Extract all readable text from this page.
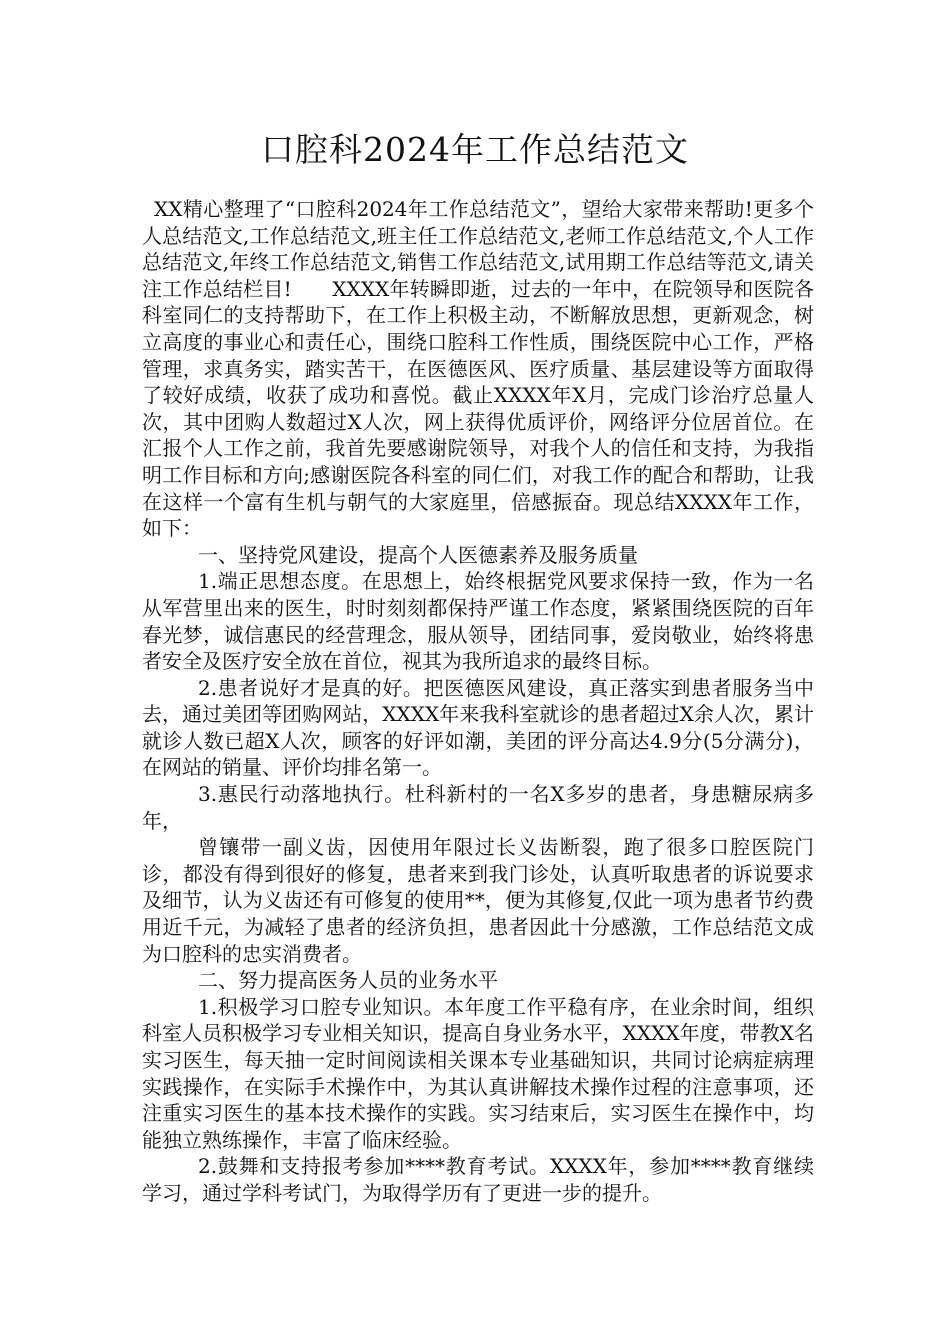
口腔科2024年工作总结范文

XX精心整理了“口腔科2024年工作总结范文”，望给大家带来帮助!更多个人总结范文,工作总结范文,班主任工作总结范文,老师工作总结范文,个人工作总结范文,年终工作总结范文,销售工作总结范文,试用期工作总结等范文,请关注工作总结栏目!　　XXXX年转瞬即逝，过去的一年中，在院领导和医院各科室同仁的支持帮助下，在工作上积极主动，不断解放思想，更新观念，树立高度的事业心和责任心，围绕口腔科工作性质，围绕医院中心工作，严格管理，求真务实，踏实苦干，在医德医风、医疗质量、基层建设等方面取得了较好成绩，收获了成功和喜悦。截止XXXX年X月，完成门诊治疗总量人次，其中团购人数超过X人次，网上获得优质评价，网络评分位居首位。在汇报个人工作之前，我首先要感谢院领导，对我个人的信任和支持，为我指明工作目标和方向;感谢医院各科室的同仁们，对我工作的配合和帮助，让我在这样一个富有生机与朝气的大家庭里，倍感振奋。现总结XXXX年工作，如下：

一、坚持党风建设，提高个人医德素养及服务质量

1.端正思想态度。在思想上，始终根据党风要求保持一致，作为一名从军营里出来的医生，时时刻刻都保持严谨工作态度，紧紧围绕医院的百年春光梦，诚信惠民的经营理念，服从领导，团结同事，爱岗敬业，始终将患者安全及医疗安全放在首位，视其为我所追求的最终目标。

2.患者说好才是真的好。把医德医风建设，真正落实到患者服务当中去，通过美团等团购网站，XXXX年来我科室就诊的患者超过X余人次，累计就诊人数已超X人次，顾客的好评如潮，美团的评分高达4.9分(5分满分)，在网站的销量、评价均排名第一。

3.惠民行动落地执行。杜科新村的一名X多岁的患者，身患糖尿病多年，

曾镶带一副义齿，因使用年限过长义齿断裂，跑了很多口腔医院门诊，都没有得到很好的修复，患者来到我门诊处，认真听取患者的诉说要求及细节，认为义齿还有可修复的使用**，便为其修复,仅此一项为患者节约费用近千元，为减轻了患者的经济负担，患者因此十分感激，工作总结范文成为口腔科的忠实消费者。

二、努力提高医务人员的业务水平

1.积极学习口腔专业知识。本年度工作平稳有序，在业余时间，组织科室人员积极学习专业相关知识，提高自身业务水平，XXXX年度，带教X名实习医生，每天抽一定时间阅读相关课本专业基础知识，共同讨论病症病理实践操作，在实际手术操作中，为其认真讲解技术操作过程的注意事项，还注重实习医生的基本技术操作的实践。实习结束后，实习医生在操作中，均能独立熟练操作，丰富了临床经验。

2.鼓舞和支持报考参加****教育考试。XXXX年，参加****教育继续学习，通过学科考试门，为取得学历有了更进一步的提升。
